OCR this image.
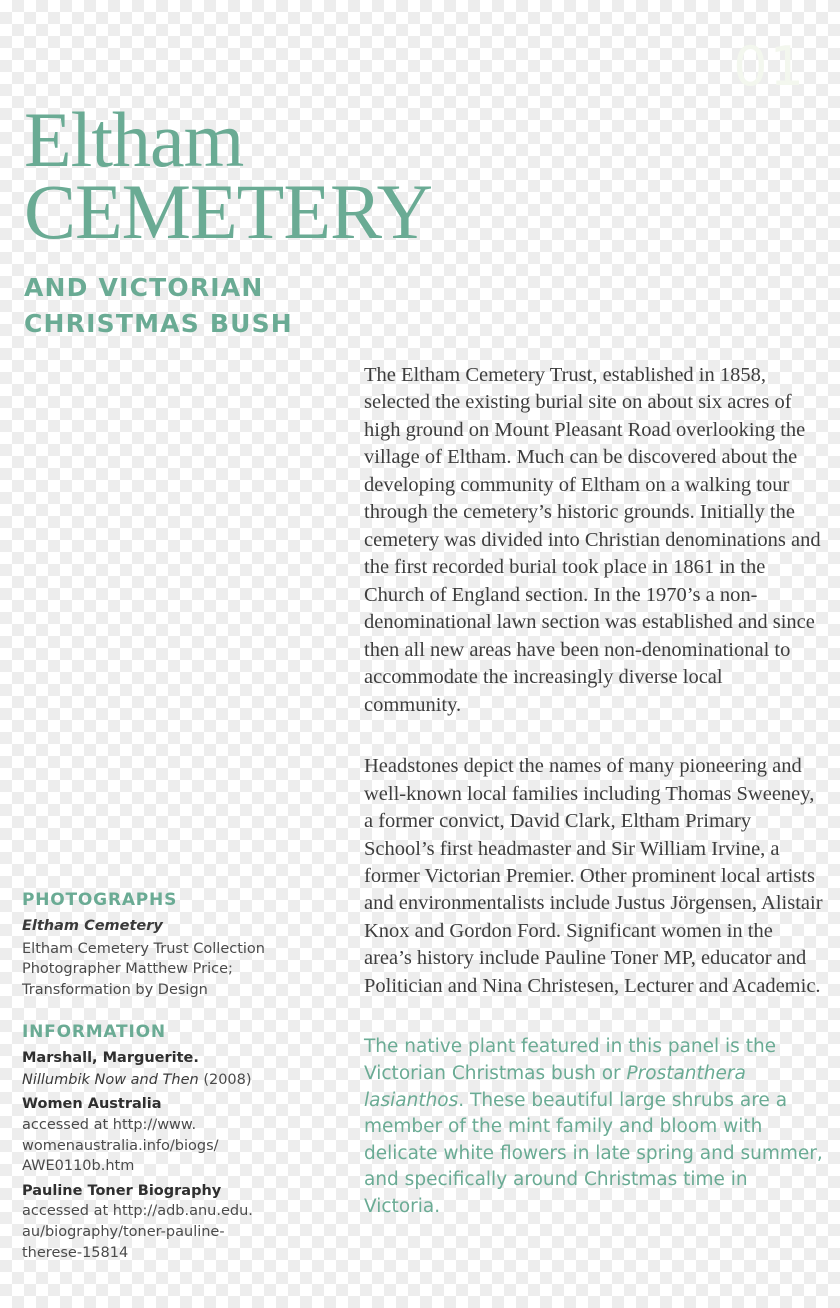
01
Eltham
CEMETERY
AND VICTORIAN CHRISTMAS BUSH

The Eltham Cemetery Trust, established in 1858, selected the existing burial site on about six acres of high ground on Mount Pleasant Road overlooking the village of Eltham. Much can be discovered about the developing community of Eltham on a walking tour through the cemetery’s historic grounds. Initially the cemetery was divided into Christian denominations and the first recorded burial took place in 1861 in the Church of England section. In the 1970’s a non-denominational lawn section was established and since then all new areas have been non-denominational to accommodate the increasingly diverse local community.

Headstones depict the names of many pioneering and well-known local families including Thomas Sweeney, a former convict, David Clark, Eltham Primary School’s first headmaster and Sir William Irvine, a former Victorian Premier. Other prominent local artists and environmentalists include Justus Jörgensen, Alistair Knox and Gordon Ford. Significant women in the area’s history include Pauline Toner MP, educator and Politician and Nina Christesen, Lecturer and Academic.

The native plant featured in this panel is the Victorian Christmas bush or Prostanthera lasianthos. These beautiful large shrubs are a member of the mint family and bloom with delicate white flowers in late spring and summer, and specifically around Christmas time in Victoria.

PHOTOGRAPHS
Eltham Cemetery
Eltham Cemetery Trust Collection
Photographer Matthew Price;
Transformation by Design
INFORMATION
Marshall, Marguerite.
Nillumbik Now and Then (2008)
Women Australia
accessed at http://www.
womenaustralia.info/biogs/
AWE0110b.htm
Pauline Toner Biography
accessed at http://adb.anu.edu.
au/biography/toner-pauline-
therese-15814
